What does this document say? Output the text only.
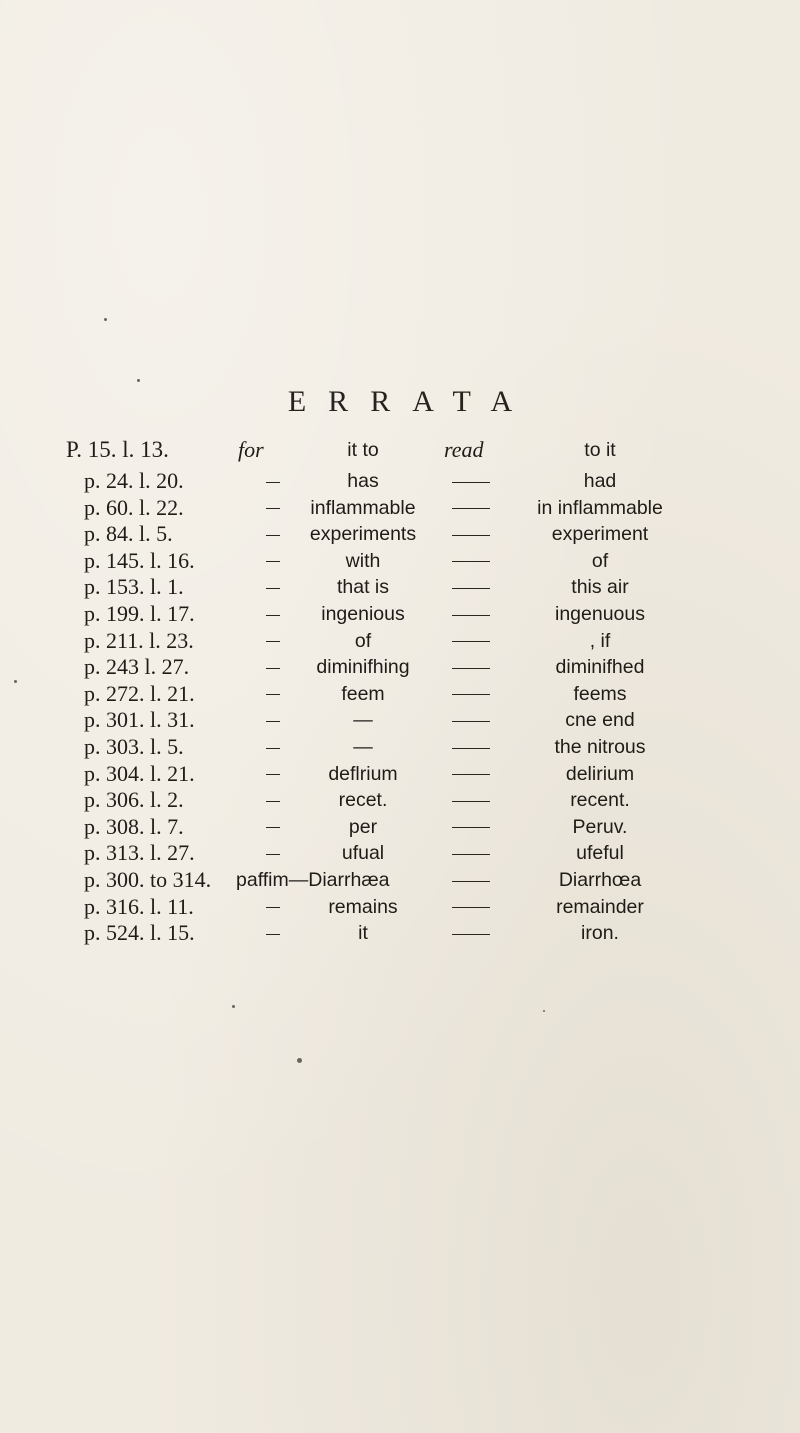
ERRATA
P. 15. l. 13.	for	it to	read	to it
p. 24. l. 20.	has	had
p. 60. l. 22.	inflammable	in inflammable
p. 84. l. 5.	experiments	experiment
p. 145. l. 16.	with	of
p. 153. l. 1.	that is	this air
p. 199. l. 17.	ingenious	ingenuous
p. 211. l. 23.	of	, if
p. 243 l. 27.	diminifhing	diminifhed
p. 272. l. 21.	feem	feems
p. 301. l. 31.	—	cne end
p. 303. l. 5.	—	the nitrous
p. 304. l. 21.	deflrium	delirium
p. 306. l. 2.	recet.	recent.
p. 308. l. 7.	per	Peruv.
p. 313. l. 27.	ufual	ufeful
p. 300. to 314. paffim—Diarrhæa	Diarrhœa
p. 316. l. 11.	remains	remainder
p. 524. l. 15.	it	iron.
